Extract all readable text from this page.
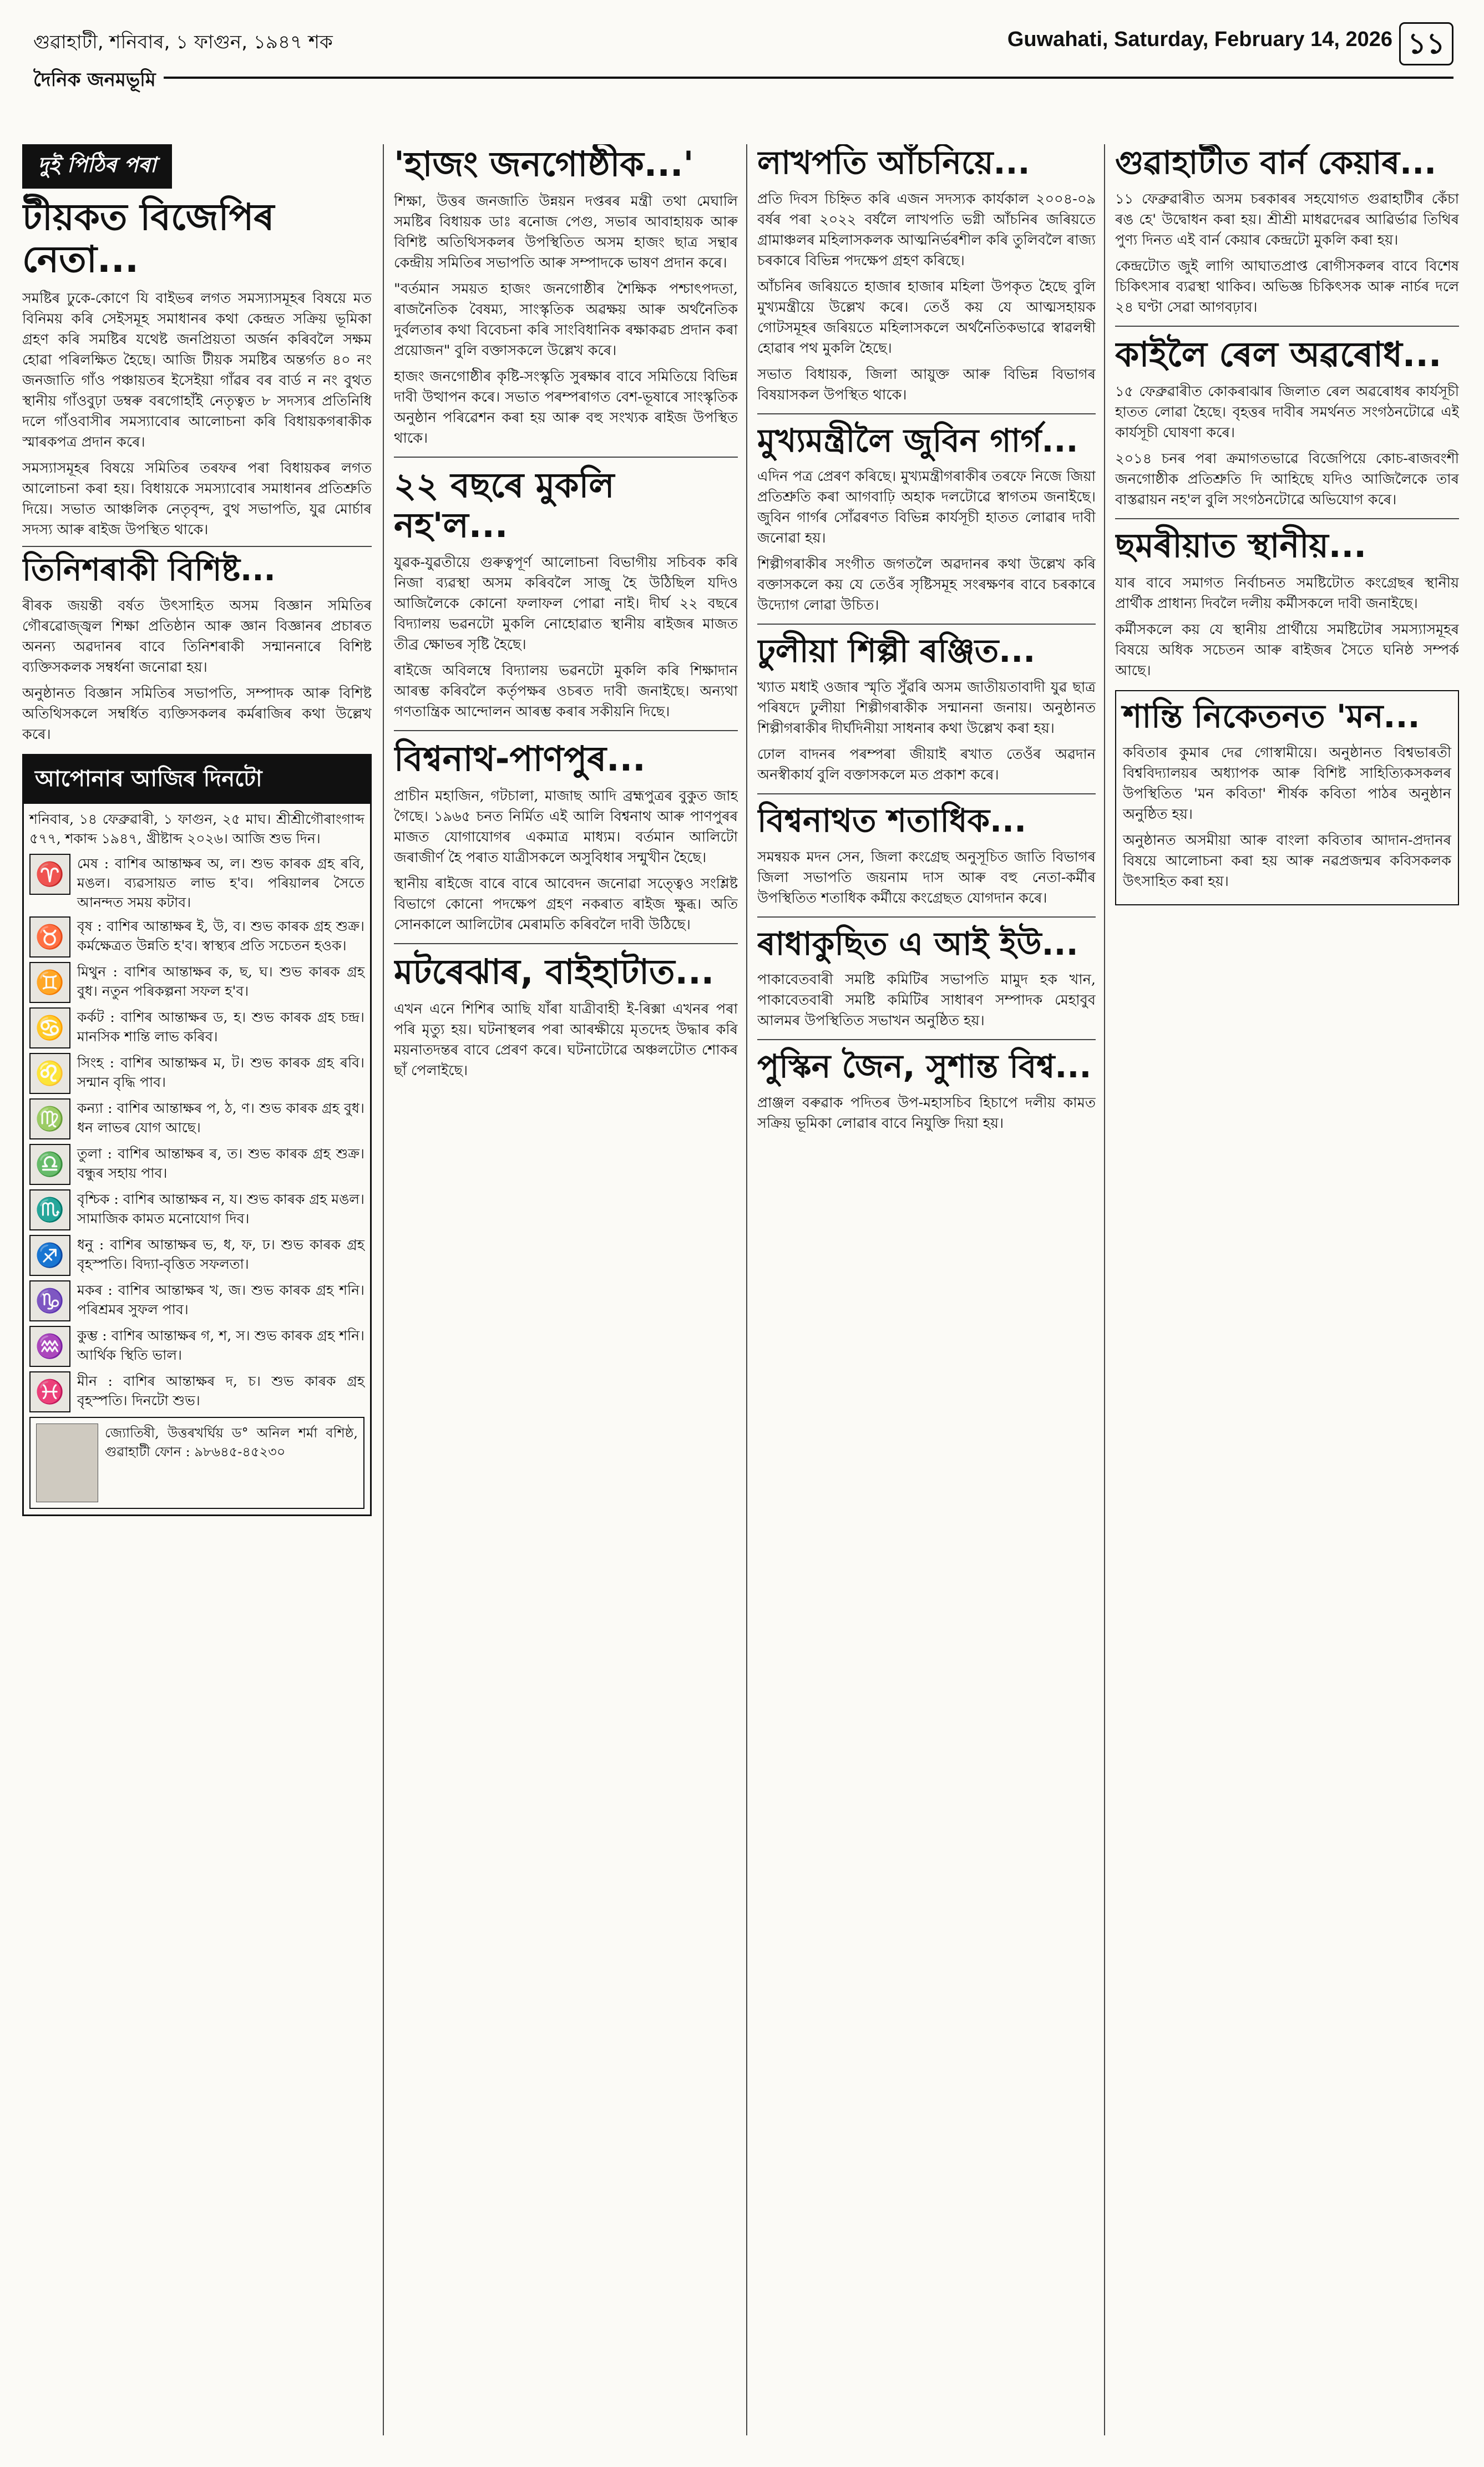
গুৱাহাটী, শনিবাৰ, ১ ফাগুন, ১৯৪৭ শক	Guwahati, Saturday, February 14, 2026 ১১
দৈনিক জনমভূমি
দুই পিঠিৰ পৰা
টীয়কত বিজেপিৰ নেতা...

সমষ্টিৰ ঢুকে-কোণে যি বাইভৰ লগত সমস্যাসমূহৰ বিষয়ে মত বিনিময় কৰি সেইসমূহ সমাধানৰ কথা কেন্দ্ৰত সক্ৰিয় ভূমিকা গ্ৰহণ কৰি সমষ্টিৰ যথেষ্ট জনপ্ৰিয়তা অৰ্জন কৰিবলৈ সক্ষম হোৱা পৰিলক্ষিত হৈছে। আজি টীয়ক সমষ্টিৰ অন্তৰ্গত ৪০ নং জনজাতি গাঁও পঞ্চায়তৰ ইসেইয়া গাঁৱৰ বৰ বাৰ্ড ন নং বুথত স্থানীয় গাঁওবুঢ়া ডম্বৰু বৰগোহাঁই নেতৃত্বত ৮ সদস্যৰ প্ৰতিনিধি দলে গাঁওবাসীৰ সমস্যাবোৰ আলোচনা কৰি বিধায়কগৰাকীক স্মাৰকপত্ৰ প্ৰদান কৰে।

সমস্যাসমূহৰ বিষয়ে সমিতিৰ তৰফৰ পৰা বিধায়কৰ লগত আলোচনা কৰা হয়। বিধায়কে সমস্যাবোৰ সমাধানৰ প্ৰতিশ্ৰুতি দিয়ে। সভাত আঞ্চলিক নেতৃবৃন্দ, বুথ সভাপতি, যুৱ মোৰ্চাৰ সদস্য আৰু ৰাইজ উপস্থিত থাকে।

তিনিশৰাকী বিশিষ্ট...

ৰীৰক জয়ন্তী বৰ্ষত উৎসাহিত অসম বিজ্ঞান সমিতিৰ গৌৰৱোজ্জ্বল শিক্ষা প্ৰতিষ্ঠান আৰু জ্ঞান বিজ্ঞানৰ প্ৰচাৰত অনন্য অৱদানৰ বাবে তিনিশৰাকী সন্মাননাৰে বিশিষ্ট ব্যক্তিসকলক সম্বৰ্ধনা জনোৱা হয়।

অনুষ্ঠানত বিজ্ঞান সমিতিৰ সভাপতি, সম্পাদক আৰু বিশিষ্ট অতিথিসকলে সম্বৰ্ধিত ব্যক্তিসকলৰ কৰ্মৰাজিৰ কথা উল্লেখ কৰে।

আপোনাৰ আজিৰ দিনটো

শনিবাৰ, ১৪ ফেব্ৰুৱাৰী, ১ ফাগুন, ২৫ মাঘ। শ্ৰীশ্ৰীগৌৰাংগাব্দ ৫৭৭, শকাব্দ ১৯৪৭, খ্ৰীষ্টাব্দ ২০২৬। আজি শুভ দিন।

♈ মেষ : বাশিৰ আন্তাক্ষৰ অ, ল। শুভ কাৰক গ্ৰহ ৰবি, মঙল। ব্যৱসায়ত লাভ হ'ব। পৰিয়ালৰ সৈতে আনন্দত সময় কটাব।

♉ বৃষ : বাশিৰ আন্তাক্ষৰ ই, উ, ব। শুভ কাৰক গ্ৰহ শুক্ৰ। কৰ্মক্ষেত্ৰত উন্নতি হ'ব। স্বাস্থ্যৰ প্ৰতি সচেতন হওক।

♊ মিথুন : বাশিৰ আন্তাক্ষৰ ক, ছ, ঘ। শুভ কাৰক গ্ৰহ বুধ। নতুন পৰিকল্পনা সফল হ'ব।

♋ কৰ্কট : বাশিৰ আন্তাক্ষৰ ড, হ। শুভ কাৰক গ্ৰহ চন্দ্ৰ। মানসিক শান্তি লাভ কৰিব।

♌ সিংহ : বাশিৰ আন্তাক্ষৰ ম, ট। শুভ কাৰক গ্ৰহ ৰবি। সন্মান বৃদ্ধি পাব।

♍ কন্যা : বাশিৰ আন্তাক্ষৰ প, ঠ, ণ। শুভ কাৰক গ্ৰহ বুধ। ধন লাভৰ যোগ আছে।

♎ তুলা : বাশিৰ আন্তাক্ষৰ ৰ, ত। শুভ কাৰক গ্ৰহ শুক্ৰ। বন্ধুৰ সহায় পাব।

♏ বৃশ্চিক : বাশিৰ আন্তাক্ষৰ ন, য। শুভ কাৰক গ্ৰহ মঙল। সামাজিক কামত মনোযোগ দিব।

♐ ধনু : বাশিৰ আন্তাক্ষৰ ভ, ধ, ফ, ঢ। শুভ কাৰক গ্ৰহ বৃহস্পতি। বিদ্যা-বৃত্তিত সফলতা।

♑ মকৰ : বাশিৰ আন্তাক্ষৰ খ, জ। শুভ কাৰক গ্ৰহ শনি। পৰিশ্ৰমৰ সুফল পাব।

♒ কুম্ভ : বাশিৰ আন্তাক্ষৰ গ, শ, স। শুভ কাৰক গ্ৰহ শনি। আৰ্থিক স্থিতি ভাল।

♓ মীন : বাশিৰ আন্তাক্ষৰ দ, চ। শুভ কাৰক গ্ৰহ বৃহস্পতি। দিনটো শুভ।

জ্যোতিষী, উত্তৰখৰ্ঘিয় ড° অনিল শৰ্মা বশিষ্ঠ, গুৱাহাটী ফোন : ৯৮৬৪৫-৪৫২৩০

'হাজং জনগোষ্ঠীক...'

শিক্ষা, উত্তৰ জনজাতি উন্নয়ন দপ্তৰৰ মন্ত্ৰী তথা মেঘালি সমষ্টিৰ বিধায়ক ডাঃ ৰনোজ পেগু, সভাৰ আবাহায়ক আৰু বিশিষ্ট অতিথিসকলৰ উপস্থিতিত অসম হাজং ছাত্ৰ সন্থাৰ কেন্দ্ৰীয় সমিতিৰ সভাপতি আৰু সম্পাদকে ভাষণ প্ৰদান কৰে।

"বৰ্তমান সময়ত হাজং জনগোষ্ঠীৰ শৈক্ষিক পশ্চাৎপদতা, ৰাজনৈতিক বৈষম্য, সাংস্কৃতিক অৱক্ষয় আৰু অৰ্থনৈতিক দুৰ্বলতাৰ কথা বিবেচনা কৰি সাংবিধানিক ৰক্ষাকৱচ প্ৰদান কৰা প্ৰয়োজন" বুলি বক্তাসকলে উল্লেখ কৰে।

হাজং জনগোষ্ঠীৰ কৃষ্টি-সংস্কৃতি সুৰক্ষাৰ বাবে সমিতিয়ে বিভিন্ন দাবী উত্থাপন কৰে। সভাত পৰম্পৰাগত বেশ-ভূষাৰে সাংস্কৃতিক অনুষ্ঠান পৰিৱেশন কৰা হয় আৰু বহু সংখ্যক ৰাইজ উপস্থিত থাকে।

২২ বছৰে মুকলি নহ'ল...

যুৱক-যুৱতীয়ে গুৰুত্বপূৰ্ণ আলোচনা বিভাগীয় সচিবক কৰি নিজা ব্যৱস্থা অসম কৰিবলৈ সাজু হৈ উঠিছিল যদিও আজিলৈকে কোনো ফলাফল পোৱা নাই। দীৰ্ঘ ২২ বছৰে বিদ্যালয় ভৱনটো মুকলি নোহোৱাত স্থানীয় ৰাইজৰ মাজত তীব্ৰ ক্ষোভৰ সৃষ্টি হৈছে।

ৰাইজে অবিলম্বে বিদ্যালয় ভৱনটো মুকলি কৰি শিক্ষাদান আৰম্ভ কৰিবলৈ কৰ্তৃপক্ষৰ ওচৰত দাবী জনাইছে। অন্যথা গণতান্ত্ৰিক আন্দোলন আৰম্ভ কৰাৰ সকীয়নি দিছে।

বিশ্বনাথ-পাণপুৰ...

প্ৰাচীন মহাজিন, গটচালা, মাজাছ আদি ব্ৰহ্মপুত্ৰৰ বুকুত জাহ গৈছে। ১৯৬৫ চনত নিৰ্মিত এই আলি বিশ্বনাথ আৰু পাণপুৰৰ মাজত যোগাযোগৰ একমাত্ৰ মাধ্যম। বৰ্তমান আলিটো জৰাজীৰ্ণ হৈ পৰাত যাত্ৰীসকলে অসুবিধাৰ সন্মুখীন হৈছে।

স্থানীয় ৰাইজে বাৰে বাৰে আবেদন জনোৱা সত্ত্বেও সংশ্লিষ্ট বিভাগে কোনো পদক্ষেপ গ্ৰহণ নকৰাত ৰাইজ ক্ষুব্ধ। অতি সোনকালে আলিটোৰ মেৰামতি কৰিবলৈ দাবী উঠিছে।

মটৰেঝাৰ, বাইহাটাত...

এখন এনে শিশিৰ আছি যাঁৰা যাত্ৰীবাহী ই-ৰিক্সা এখনৰ পৰা পৰি মৃত্যু হয়। ঘটনাস্থলৰ পৰা আৰক্ষীয়ে মৃতদেহ উদ্ধাৰ কৰি ময়নাতদন্তৰ বাবে প্ৰেৰণ কৰে। ঘটনাটোৱে অঞ্চলটোত শোকৰ ছাঁ পেলাইছে।

লাখপতি আঁচনিয়ে...

প্ৰতি দিবস চিহ্নিত কৰি এজন সদস্যক কাৰ্যকাল ২০০৪-০৯ বৰ্ষৰ পৰা ২০২২ বৰ্ষলৈ লাখপতি ভগ্নী আঁচনিৰ জৰিয়তে গ্ৰামাঞ্চলৰ মহিলাসকলক আত্মনিৰ্ভৰশীল কৰি তুলিবলৈ ৰাজ্য চৰকাৰে বিভিন্ন পদক্ষেপ গ্ৰহণ কৰিছে।

আঁচনিৰ জৰিয়তে হাজাৰ হাজাৰ মহিলা উপকৃত হৈছে বুলি মুখ্যমন্ত্ৰীয়ে উল্লেখ কৰে। তেওঁ কয় যে আত্মসহায়ক গোটসমূহৰ জৰিয়তে মহিলাসকলে অৰ্থনৈতিকভাৱে স্বাৱলম্বী হোৱাৰ পথ মুকলি হৈছে।

সভাত বিধায়ক, জিলা আয়ুক্ত আৰু বিভিন্ন বিভাগৰ বিষয়াসকল উপস্থিত থাকে।

মুখ্যমন্ত্ৰীলৈ জুবিন গাৰ্গ...

এদিন পত্ৰ প্ৰেৰণ কৰিছে। মুখ্যমন্ত্ৰীগৰাকীৰ তৰফে নিজে জিয়া প্ৰতিশ্ৰুতি কৰা আগবাঢ়ি অহাক দলটোৱে স্বাগতম জনাইছে। জুবিন গাৰ্গৰ সোঁৱৰণত বিভিন্ন কাৰ্যসূচী হাতত লোৱাৰ দাবী জনোৱা হয়।

শিল্পীগৰাকীৰ সংগীত জগতলৈ অৱদানৰ কথা উল্লেখ কৰি বক্তাসকলে কয় যে তেওঁৰ সৃষ্টিসমূহ সংৰক্ষণৰ বাবে চৰকাৰে উদ্যোগ লোৱা উচিত।

ঢুলীয়া শিল্পী ৰঞ্জিত...

খ্যাত মধাই ওজাৰ স্মৃতি সুঁৱৰি অসম জাতীয়তাবাদী যুৱ ছাত্ৰ পৰিষদে ঢুলীয়া শিল্পীগৰাকীক সন্মাননা জনায়। অনুষ্ঠানত শিল্পীগৰাকীৰ দীৰ্ঘদিনীয়া সাধনাৰ কথা উল্লেখ কৰা হয়।

ঢোল বাদনৰ পৰম্পৰা জীয়াই ৰখাত তেওঁৰ অৱদান অনস্বীকাৰ্য বুলি বক্তাসকলে মত প্ৰকাশ কৰে।

বিশ্বনাথত শতাধিক...

সমন্বয়ক মদন সেন, জিলা কংগ্ৰেছ অনুসূচিত জাতি বিভাগৰ জিলা সভাপতি জয়নাম দাস আৰু বহু নেতা-কৰ্মীৰ উপস্থিতিত শতাধিক কৰ্মীয়ে কংগ্ৰেছত যোগদান কৰে।

ৰাধাকুছিত এ আই ইউ...

পাকাবেতবাৰী সমষ্টি কমিটিৰ সভাপতি মামুদ হক খান, পাকাবেতবাৰী সমষ্টি কমিটিৰ সাধাৰণ সম্পাদক মেহাবুব আলমৰ উপস্থিতিত সভাখন অনুষ্ঠিত হয়।

পুস্কিন জৈন, সুশান্ত বিশ্ব...

প্ৰাঞ্জল বৰুৱাক পদিতৰ উপ-মহাসচিব হিচাপে দলীয় কামত সক্ৰিয় ভূমিকা লোৱাৰ বাবে নিযুক্তি দিয়া হয়।

গুৱাহাটীত বাৰ্ন কেয়াৰ...

১১ ফেব্ৰুৱাৰীত অসম চৰকাৰৰ সহযোগত গুৱাহাটীৰ কেঁচা ৰঙ হে' উদ্বোধন কৰা হয়। শ্ৰীশ্ৰী মাধৱদেৱৰ আৱিৰ্ভাৱ তিথিৰ পুণ্য দিনত এই বাৰ্ন কেয়াৰ কেন্দ্ৰটো মুকলি কৰা হয়।

কেন্দ্ৰটোত জুই লাগি আঘাতপ্ৰাপ্ত ৰোগীসকলৰ বাবে বিশেষ চিকিৎসাৰ ব্যৱস্থা থাকিব। অভিজ্ঞ চিকিৎসক আৰু নাৰ্চৰ দলে ২৪ ঘণ্টা সেৱা আগবঢ়াব।

কাইলৈ ৰেল অৱৰোধ...

১৫ ফেব্ৰুৱাৰীত কোকৰাঝাৰ জিলাত ৰেল অৱৰোধৰ কাৰ্যসূচী হাতত লোৱা হৈছে। বৃহত্তৰ দাবীৰ সমৰ্থনত সংগঠনটোৱে এই কাৰ্যসূচী ঘোষণা কৰে।

২০১৪ চনৰ পৰা ক্ৰমাগতভাৱে বিজেপিয়ে কোচ-ৰাজবংশী জনগোষ্ঠীক প্ৰতিশ্ৰুতি দি আহিছে যদিও আজিলৈকে তাৰ বাস্তৱায়ন নহ'ল বুলি সংগঠনটোৱে অভিযোগ কৰে।

ছমৰীয়াত স্থানীয়...

যাৰ বাবে সমাগত নিৰ্বাচনত সমষ্টিটোত কংগ্ৰেছৰ স্থানীয় প্ৰাৰ্থীক প্ৰাধান্য দিবলৈ দলীয় কৰ্মীসকলে দাবী জনাইছে।

কৰ্মীসকলে কয় যে স্থানীয় প্ৰাৰ্থীয়ে সমষ্টিটোৰ সমস্যাসমূহৰ বিষয়ে অধিক সচেতন আৰু ৰাইজৰ সৈতে ঘনিষ্ঠ সম্পৰ্ক আছে।

শান্তি নিকেতনত 'মন...

কবিতাৰ কুমাৰ দেৱ গোস্বামীয়ে। অনুষ্ঠানত বিশ্বভাৰতী বিশ্ববিদ্যালয়ৰ অধ্যাপক আৰু বিশিষ্ট সাহিত্যিকসকলৰ উপস্থিতিত 'মন কবিতা' শীৰ্ষক কবিতা পাঠৰ অনুষ্ঠান অনুষ্ঠিত হয়।

অনুষ্ঠানত অসমীয়া আৰু বাংলা কবিতাৰ আদান-প্ৰদানৰ বিষয়ে আলোচনা কৰা হয় আৰু নৱপ্ৰজন্মৰ কবিসকলক উৎসাহিত কৰা হয়।
